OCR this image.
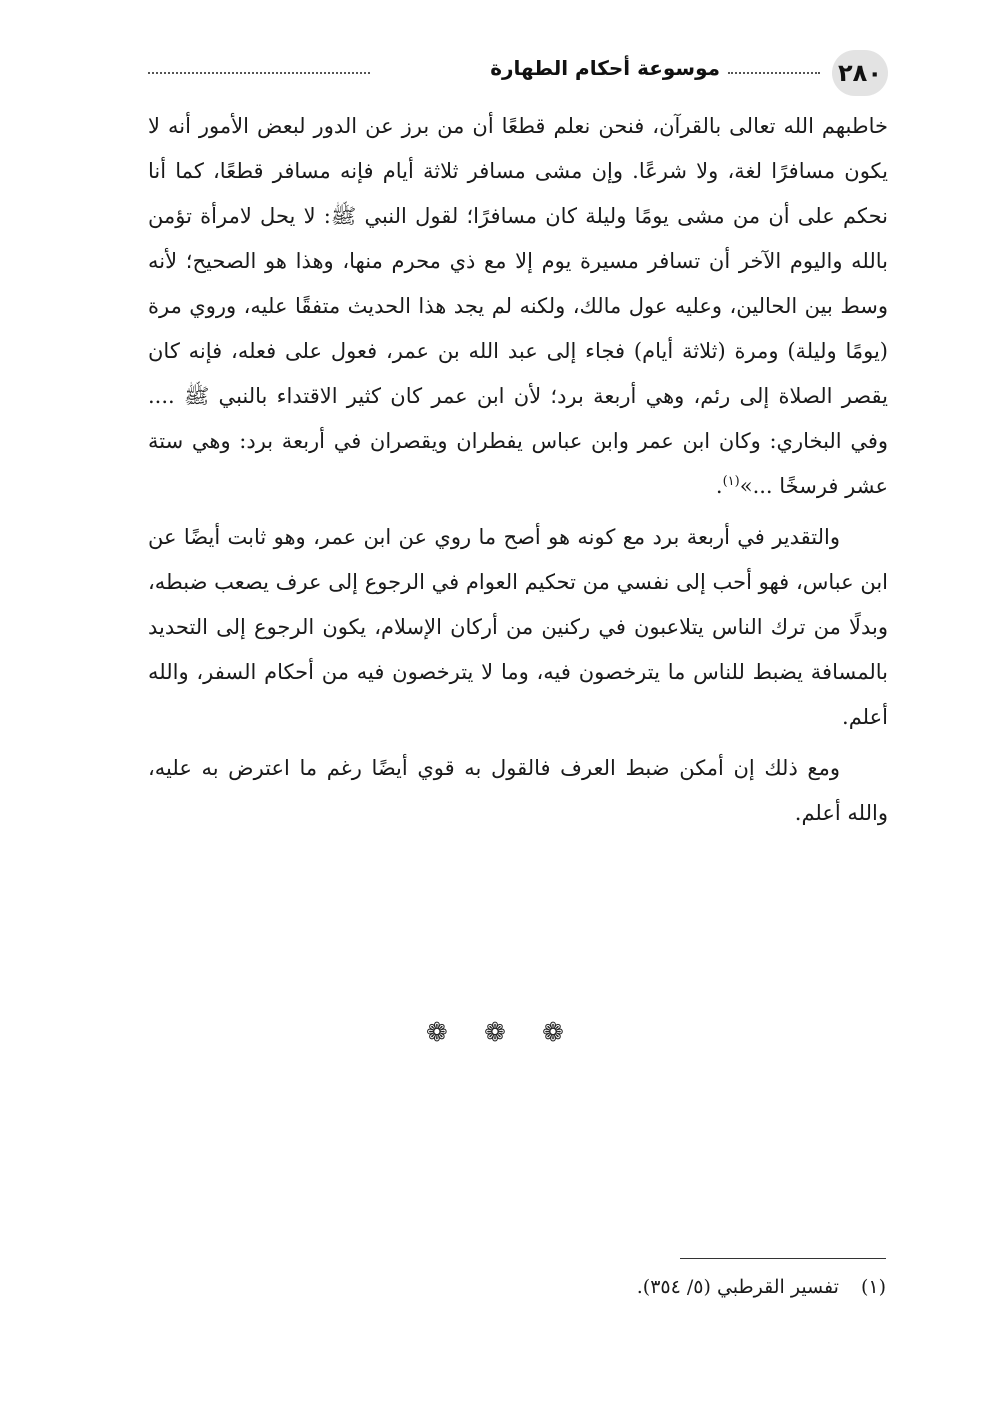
٢٨٠
موسوعة أحكام الطهارة

خاطبهم الله تعالى بالقرآن، فنحن نعلم قطعًا أن من برز عن الدور لبعض الأمور أنه لا يكون مسافرًا لغة، ولا شرعًا. وإن مشى مسافر ثلاثة أيام فإنه مسافر قطعًا، كما أنا نحكم على أن من مشى يومًا وليلة كان مسافرًا؛ لقول النبي ﷺ: لا يحل لامرأة تؤمن بالله واليوم الآخر أن تسافر مسيرة يوم إلا مع ذي محرم منها، وهذا هو الصحيح؛ لأنه وسط بين الحالين، وعليه عول مالك، ولكنه لم يجد هذا الحديث متفقًا عليه، وروي مرة (يومًا وليلة) ومرة (ثلاثة أيام) فجاء إلى عبد الله بن عمر، فعول على فعله، فإنه كان يقصر الصلاة إلى رئم، وهي أربعة برد؛ لأن ابن عمر كان كثير الاقتداء بالنبي ﷺ .... وفي البخاري: وكان ابن عمر وابن عباس يفطران ويقصران في أربعة برد: وهي ستة عشر فرسخًا ...»$^{(١)}$.

والتقدير في أربعة برد مع كونه هو أصح ما روي عن ابن عمر، وهو ثابت أيضًا عن ابن عباس، فهو أحب إلى نفسي من تحكيم العوام في الرجوع إلى عرف يصعب ضبطه، وبدلًا من ترك الناس يتلاعبون في ركنين من أركان الإسلام، يكون الرجوع إلى التحديد بالمسافة يضبط للناس ما يترخصون فيه، وما لا يترخصون فيه من أحكام السفر، والله أعلم.

ومع ذلك إن أمكن ضبط العرف فالقول به قوي أيضًا رغم ما اعترض به عليه، والله أعلم.

❁ ❁ ❁
(١)تفسير القرطبي (٥/ ٣٥٤).
